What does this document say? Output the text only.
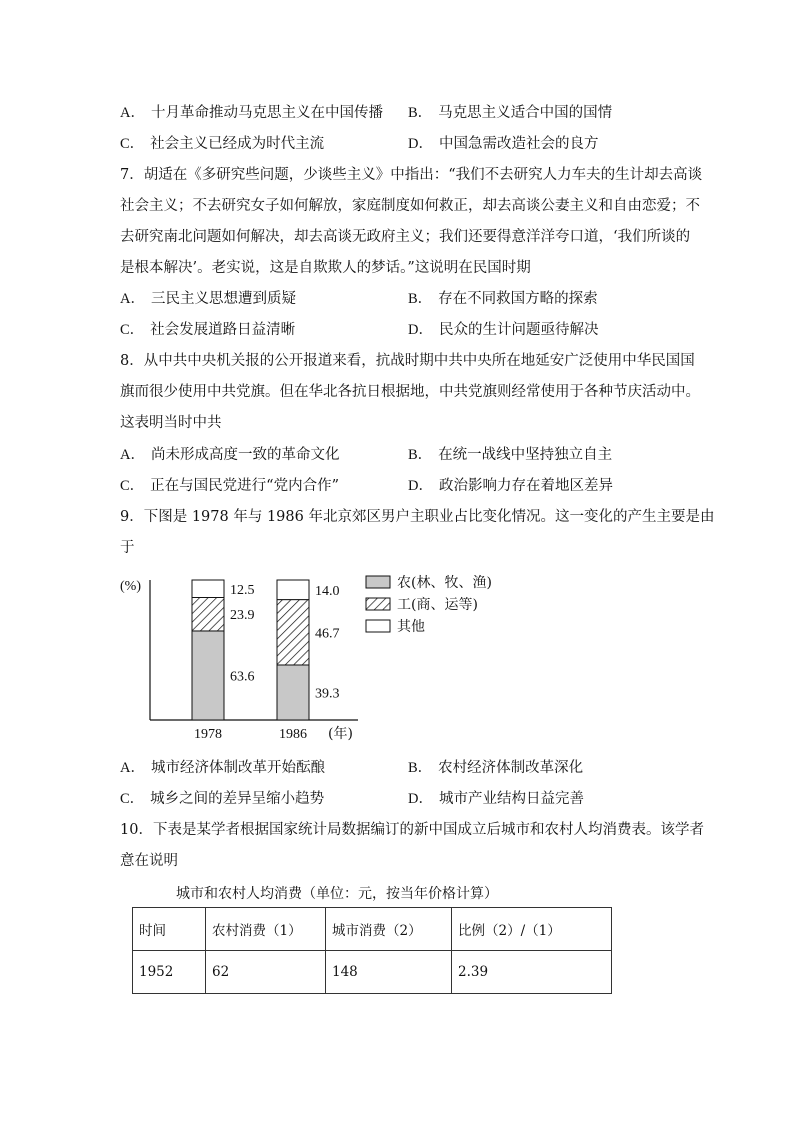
A． 十月革命推动马克思主义在中国传播 B． 马克思主义适合中国的国情
C． 社会主义已经成为时代主流	D． 中国急需改造社会的良方
7．胡适在《多研究些问题，少谈些主义》中指出：“我们不去研究人力车夫的生计却去高谈
社会主义；不去研究女子如何解放，家庭制度如何救正，却去高谈公妻主义和自由恋爱；不
去研究南北问题如何解决，却去高谈无政府主义；我们还要得意洋洋夸口道，‘我们所谈的
是根本解决’。老实说，这是自欺欺人的梦话。”这说明在民国时期
A． 三民主义思想遭到质疑	B． 存在不同救国方略的探索
C． 社会发展道路日益清晰	D． 民众的生计问题亟待解决
8．从中共中央机关报的公开报道来看，抗战时期中共中央所在地延安广泛使用中华民国国
旗而很少使用中共党旗。但在华北各抗日根据地，中共党旗则经常使用于各种节庆活动中。
这表明当时中共
A． 尚未形成高度一致的革命文化	B． 在统一战线中坚持独立自主
C． 正在与国民党进行“党内合作”	D． 政治影响力存在着地区差异
9．下图是 1978 年与 1986 年北京郊区男户主职业占比变化情况。这一变化的产生主要是由
于
(%)
(年)
63.6
23.9
12.5
1978
39.3
46.7
14.0
1986
农(林、牧、渔)
工(商、运等)
其他
A． 城市经济体制改革开始酝酿	B． 农村经济体制改革深化
C． 城乡之间的差异呈缩小趋势	D． 城市产业结构日益完善
10．下表是某学者根据国家统计局数据编订的新中国成立后城市和农村人均消费表。该学者
意在说明
城市和农村人均消费（单位：元，按当年价格计算）
时间	农村消费（1）	城市消费（2）	比例（2）/（1）
1952	62	148	2.39
